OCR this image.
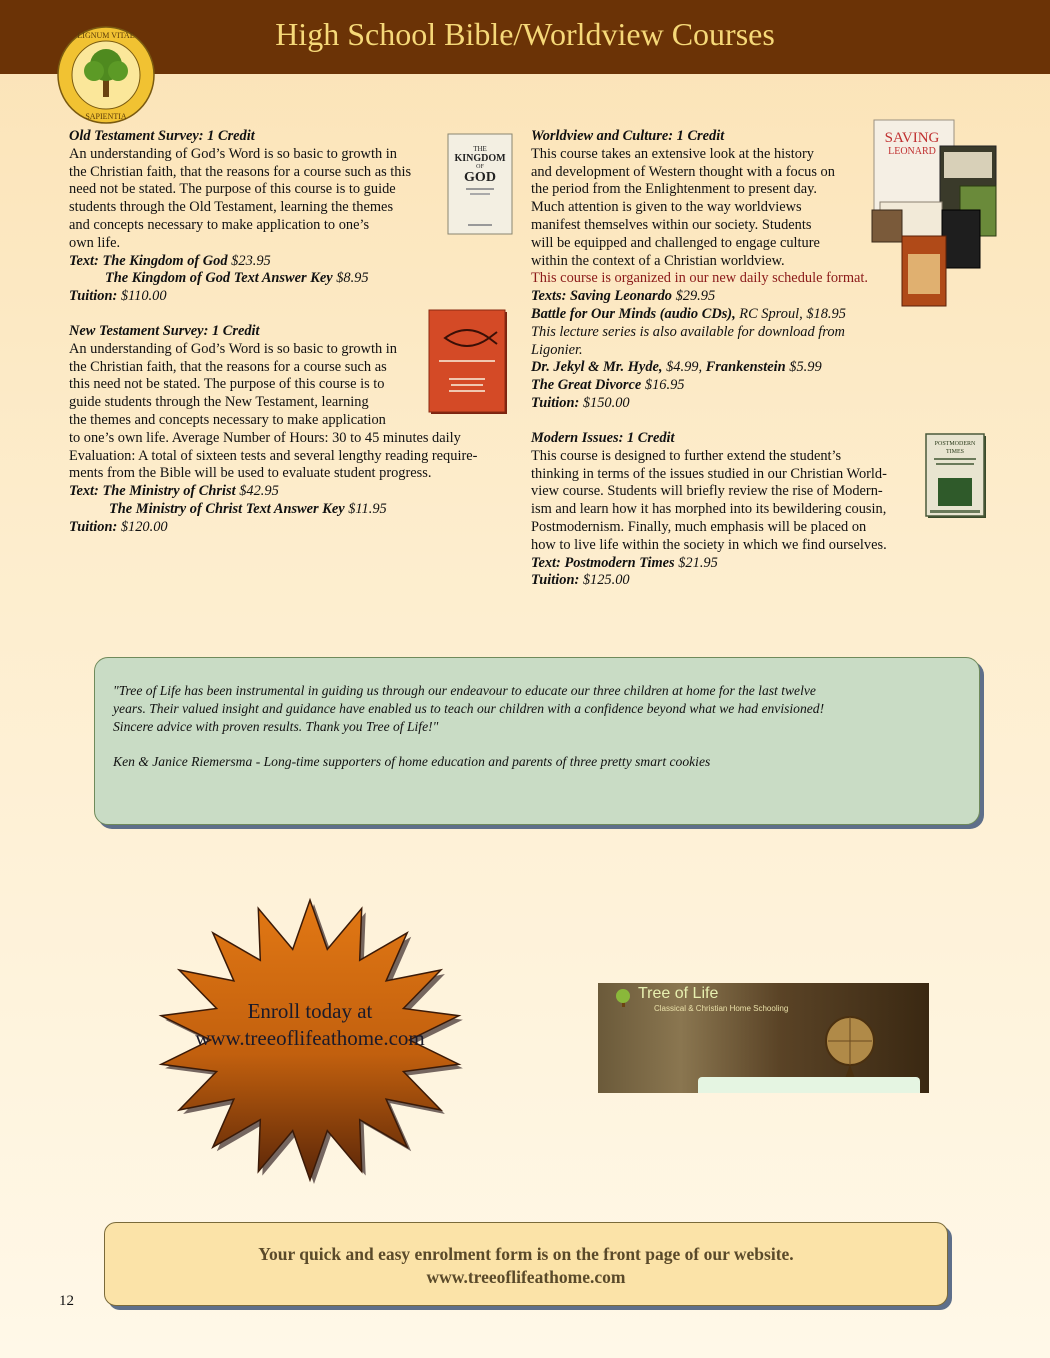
High School Bible/Worldview Courses
LIGNUM VITAE
SAPIENTIA

Old Testament Survey: 1 Credit

An understanding of God’s Word is so basic to growth in

the Christian faith, that the reasons for a course such as this

need not be stated. The purpose of this course is to guide

students through the Old Testament, learning the themes

and concepts necessary to make application to one’s

own life.

Text: The Kingdom of God $23.95

The Kingdom of God Text Answer Key $8.95

Tuition: $110.00

THE
KINGDOM
OF
GOD

New Testament Survey: 1 Credit

An understanding of God’s Word is so basic to growth in

the Christian faith, that the reasons for a course such as

this need not be stated. The purpose of this course is to

guide students through the New Testament, learning

the themes and concepts necessary to make application

to one’s own life. Average Number of Hours: 30 to 45 minutes daily

Evaluation: A total of sixteen tests and several lengthy reading require-

ments from the Bible will be used to evaluate student progress.

Text: The Ministry of Christ $42.95

The Ministry of Christ Text Answer Key $11.95

Tuition: $120.00

Worldview and Culture: 1 Credit

This course takes an extensive look at the history

and development of Western thought with a focus on

the period from the Enlightenment to present day.

Much attention is given to the way worldviews

manifest themselves within our society. Students

will be equipped and challenged to engage culture

within the context of a Christian worldview.

This course is organized in our new daily schedule format.

Texts: Saving Leonardo $29.95

Battle for Our Minds (audio CDs), RC Sproul, $18.95

This lecture series is also available for download from

Ligonier.

Dr. Jekyl & Mr. Hyde, $4.99, Frankenstein $5.99

The Great Divorce $16.95

Tuition: $150.00

SAVING
LEONARD

Modern Issues: 1 Credit

This course is designed to further extend the student’s

thinking in terms of the issues studied in our Christian World-

view course. Students will briefly review the rise of Modern-

ism and learn how it has morphed into its bewildering cousin,

Postmodernism. Finally, much emphasis will be placed on

how to live life within the society in which we find ourselves.

Text: Postmodern Times $21.95

Tuition: $125.00

POSTMODERN
TIMES

"Tree of Life has been instrumental in guiding us through our endeavour to educate our three children at home for the last twelve

years. Their valued insight and guidance have enabled us to teach our children with a confidence beyond what we had envisioned!

Sincere advice with proven results. Thank you Tree of Life!"

Ken & Janice Riemersma - Long-time supporters of home education and parents of three pretty smart cookies

Enroll today at
www.treeoflifeathome.com
Tree of Life
Classical & Christian Home Schooling
Your quick and easy enrolment form is on the front page of our website.
www.treeoflifeathome.com
12
